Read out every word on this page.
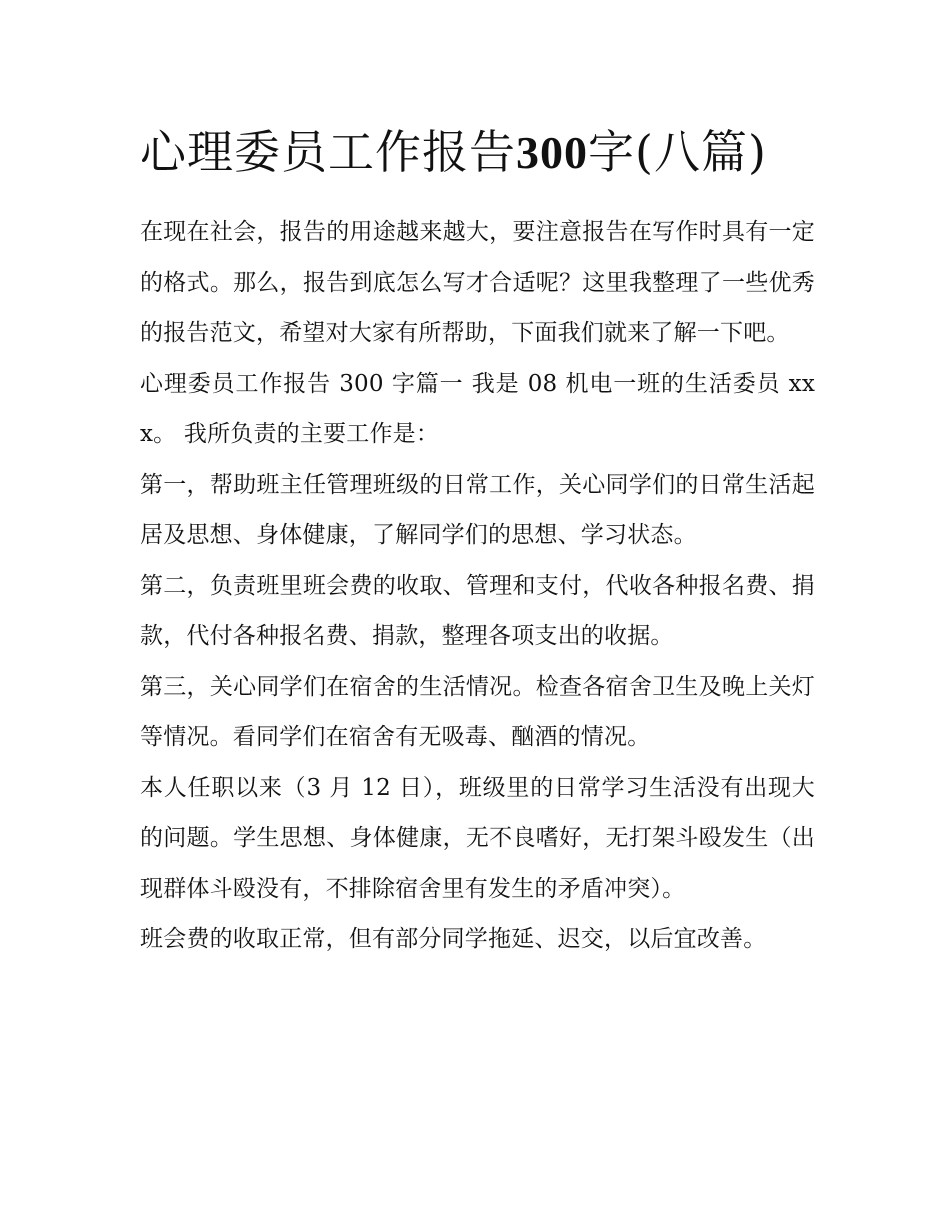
心理委员工作报告300字(八篇)

在现在社会，报告的用途越来越大，要注意报告在写作时具有一定的格式。那么，报告到底怎么写才合适呢？这里我整理了一些优秀的报告范文，希望对大家有所帮助，下面我们就来了解一下吧。

心理委员工作报告 300 字篇一 我是 08 机电一班的生活委员 xxx。 我所负责的主要工作是：

第一，帮助班主任管理班级的日常工作，关心同学们的日常生活起居及思想、身体健康，了解同学们的思想、学习状态。

第二，负责班里班会费的收取、管理和支付，代收各种报名费、捐款，代付各种报名费、捐款，整理各项支出的收据。

第三，关心同学们在宿舍的生活情况。检查各宿舍卫生及晚上关灯等情况。看同学们在宿舍有无吸毒、酗酒的情况。

本人任职以来（3 月 12 日），班级里的日常学习生活没有出现大的问题。学生思想、身体健康，无不良嗜好，无打架斗殴发生（出现群体斗殴没有，不排除宿舍里有发生的矛盾冲突）。

班会费的收取正常，但有部分同学拖延、迟交，以后宜改善。
